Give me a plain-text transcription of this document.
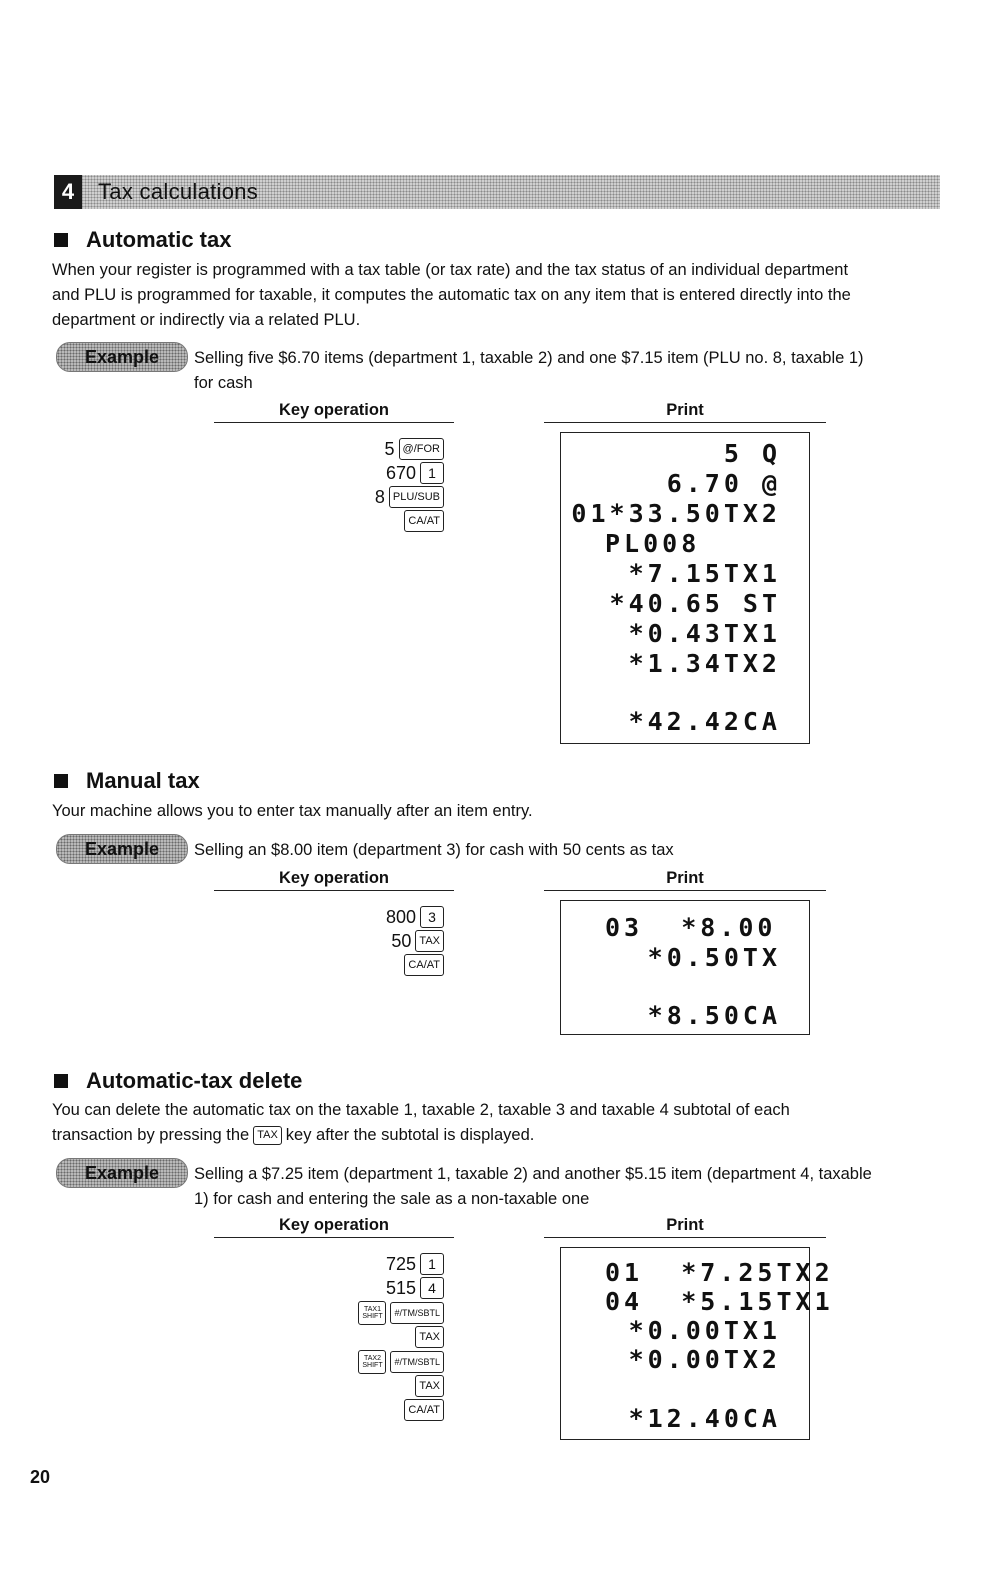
4	Tax calculations
Automatic tax
When your register is programmed with a tax table (or tax rate) and the tax status of an individual department
and PLU is programmed for taxable, it computes the automatic tax on any item that is entered directly into the
department or indirectly via a related PLU.
Example	Selling five $6.70 items (department 1, taxable 2) and one $7.15 item (PLU no. 8, taxable 1)
for cash
Key operation	Print
5 @/FOR
670 1
8 PLU/SUB
CA/AT
5 Q
6.70 @
01*33.50TX2
PL008
*7.15TX1
*40.65 ST
*0.43TX1
*1.34TX2
*42.42CA
Manual tax
Your machine allows you to enter tax manually after an item entry.
Example	Selling an $8.00 item (department 3) for cash with 50 cents as tax
Key operation	Print
800 3
50 TAX
CA/AT
03  *8.00
*0.50TX
*8.50CA
Automatic-tax delete
You can delete the automatic tax on the taxable 1, taxable 2, taxable 3 and taxable 4 subtotal of each
transaction by pressing the TAX key after the subtotal is displayed.
Example	Selling a $7.25 item (department 1, taxable 2) and another $5.15 item (department 4, taxable
1) for cash and entering the sale as a non-taxable one
Key operation	Print
725 1
515 4
TAX1 SHIFT	#/TM/SBTL
TAX
TAX2 SHIFT	#/TM/SBTL
TAX
CA/AT
01  *7.25TX2
04  *5.15TX1
*0.00TX1
*0.00TX2
*12.40CA
20
